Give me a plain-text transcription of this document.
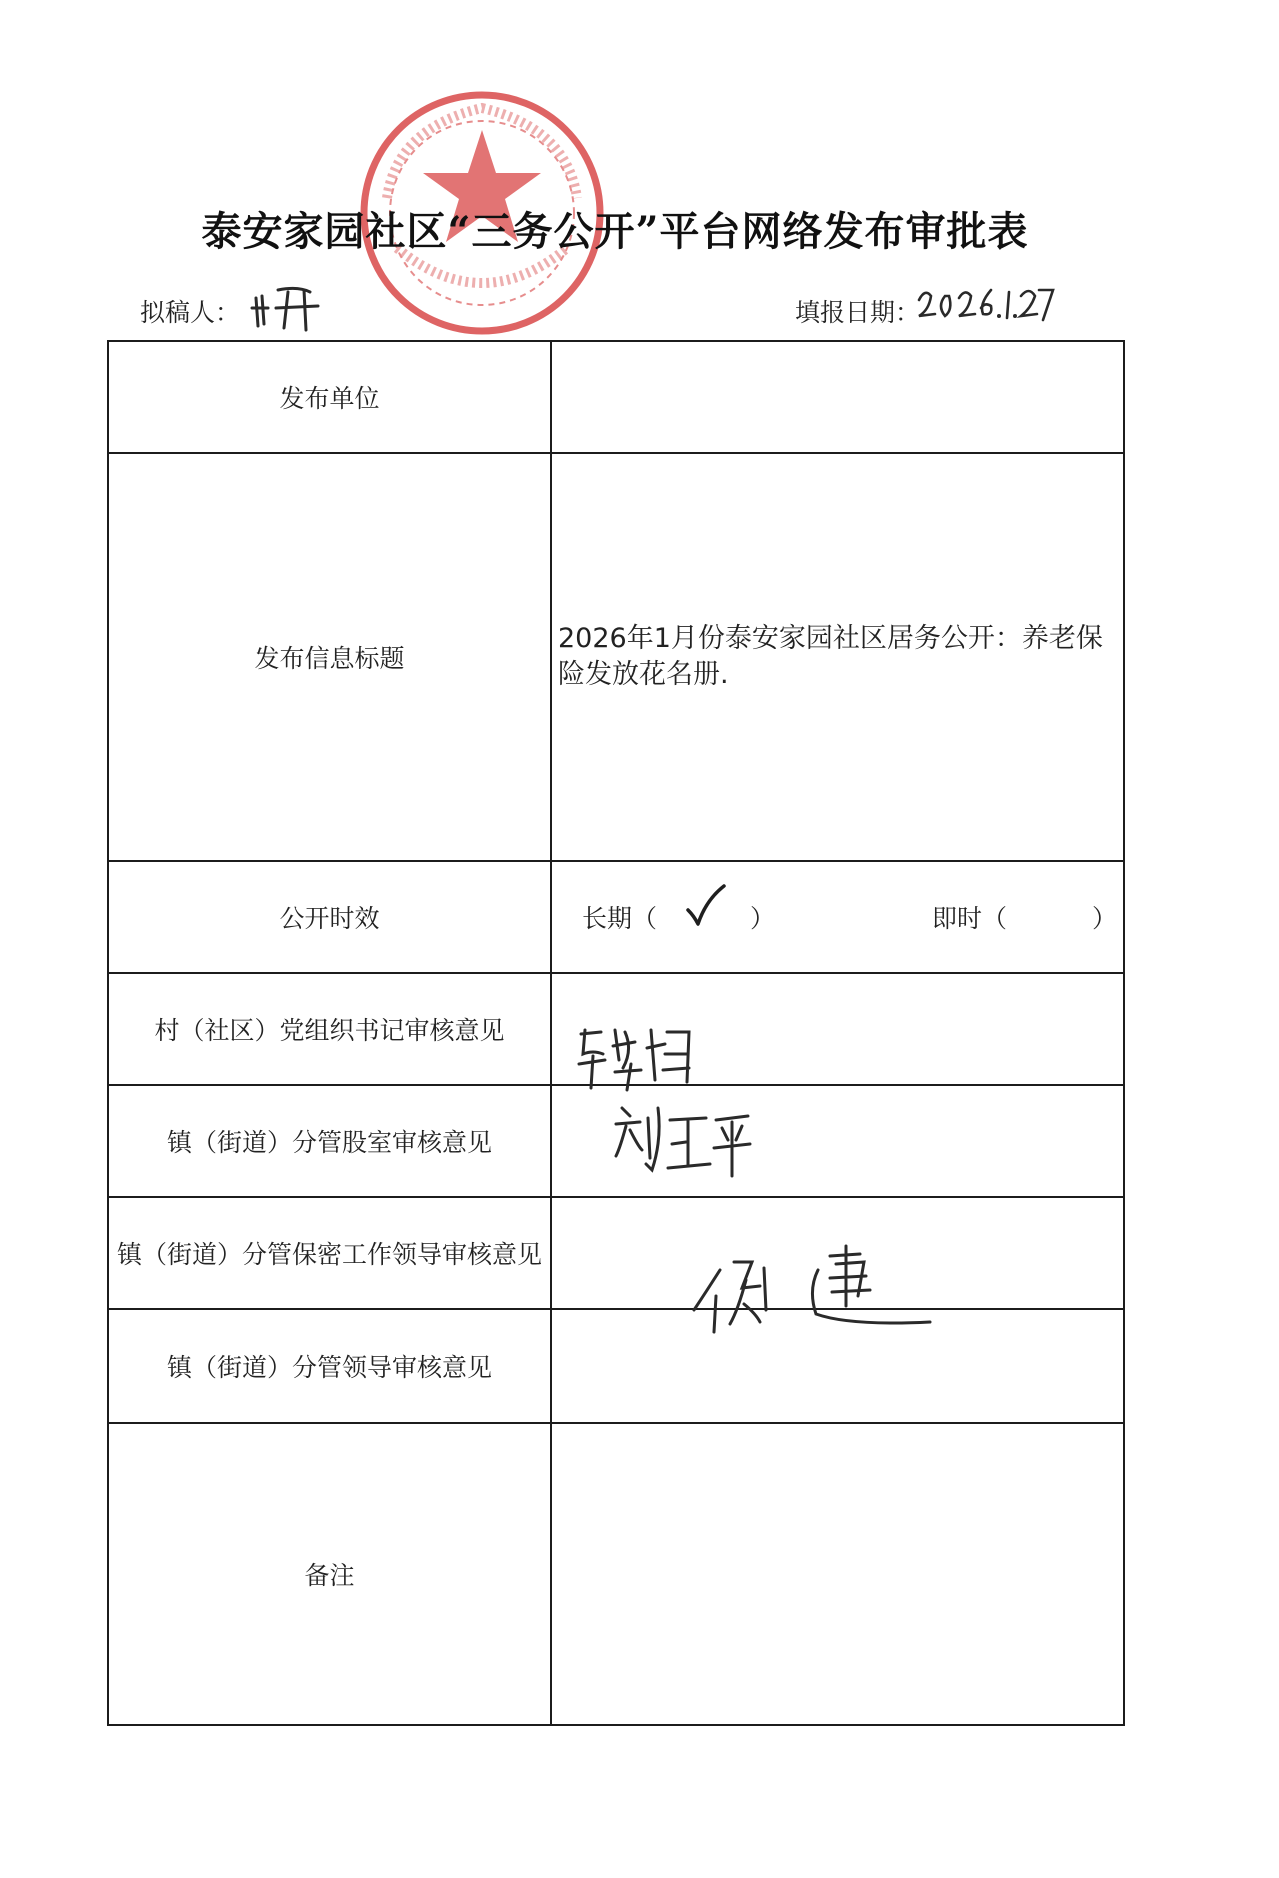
泰安家园社区“三务公开”平台网络发布审批表
拟稿人：	填报日期：
发布单位	
发布信息标题	2026年1月份泰安家园社区居务公开：养老保险发放花名册.

公开时效	长期（ ） 即时（ ）

村（社区）党组织书记审核意见	
镇（街道）分管股室审核意见	
镇（街道）分管保密工作领导审核意见	
镇（街道）分管领导审核意见	
备注	
